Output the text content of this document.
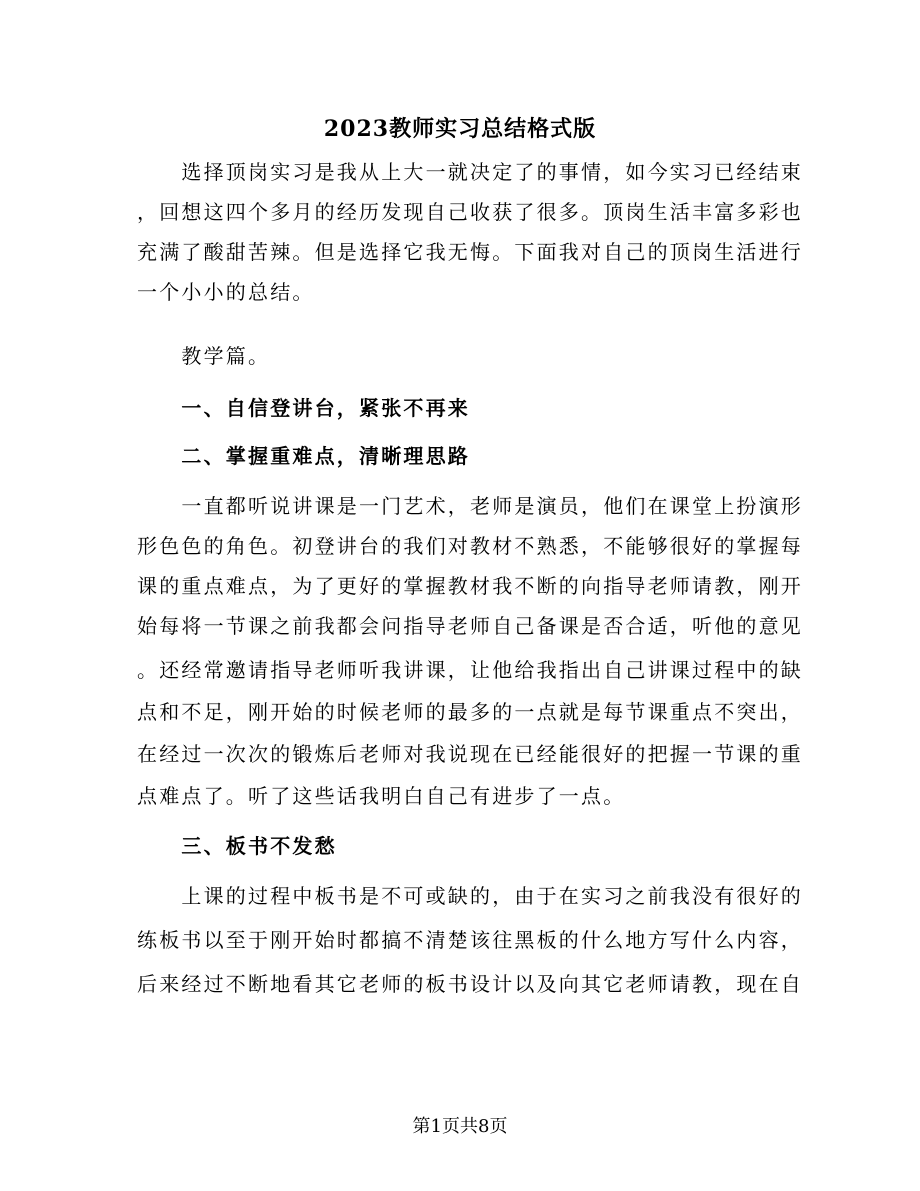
2023教师实习总结格式版
　　选择顶岗实习是我从上大一就决定了的事情，如今实习已经结束
，回想这四个多月的经历发现自己收获了很多。顶岗生活丰富多彩也
充满了酸甜苦辣。但是选择它我无悔。下面我对自己的顶岗生活进行
一个小小的总结。
　　教学篇。
　　一、自信登讲台，紧张不再来
　　二、掌握重难点，清晰理思路
　　一直都听说讲课是一门艺术，老师是演员，他们在课堂上扮演形
形色色的角色。初登讲台的我们对教材不熟悉，不能够很好的掌握每
课的重点难点，为了更好的掌握教材我不断的向指导老师请教，刚开
始每将一节课之前我都会问指导老师自己备课是否合适，听他的意见
。还经常邀请指导老师听我讲课，让他给我指出自己讲课过程中的缺
点和不足，刚开始的时候老师的最多的一点就是每节课重点不突出，
在经过一次次的锻炼后老师对我说现在已经能很好的把握一节课的重
点难点了。听了这些话我明白自己有进步了一点。
　　三、板书不发愁
　　上课的过程中板书是不可或缺的，由于在实习之前我没有很好的
练板书以至于刚开始时都搞不清楚该往黑板的什么地方写什么内容，
后来经过不断地看其它老师的板书设计以及向其它老师请教，现在自
第1页共8页
